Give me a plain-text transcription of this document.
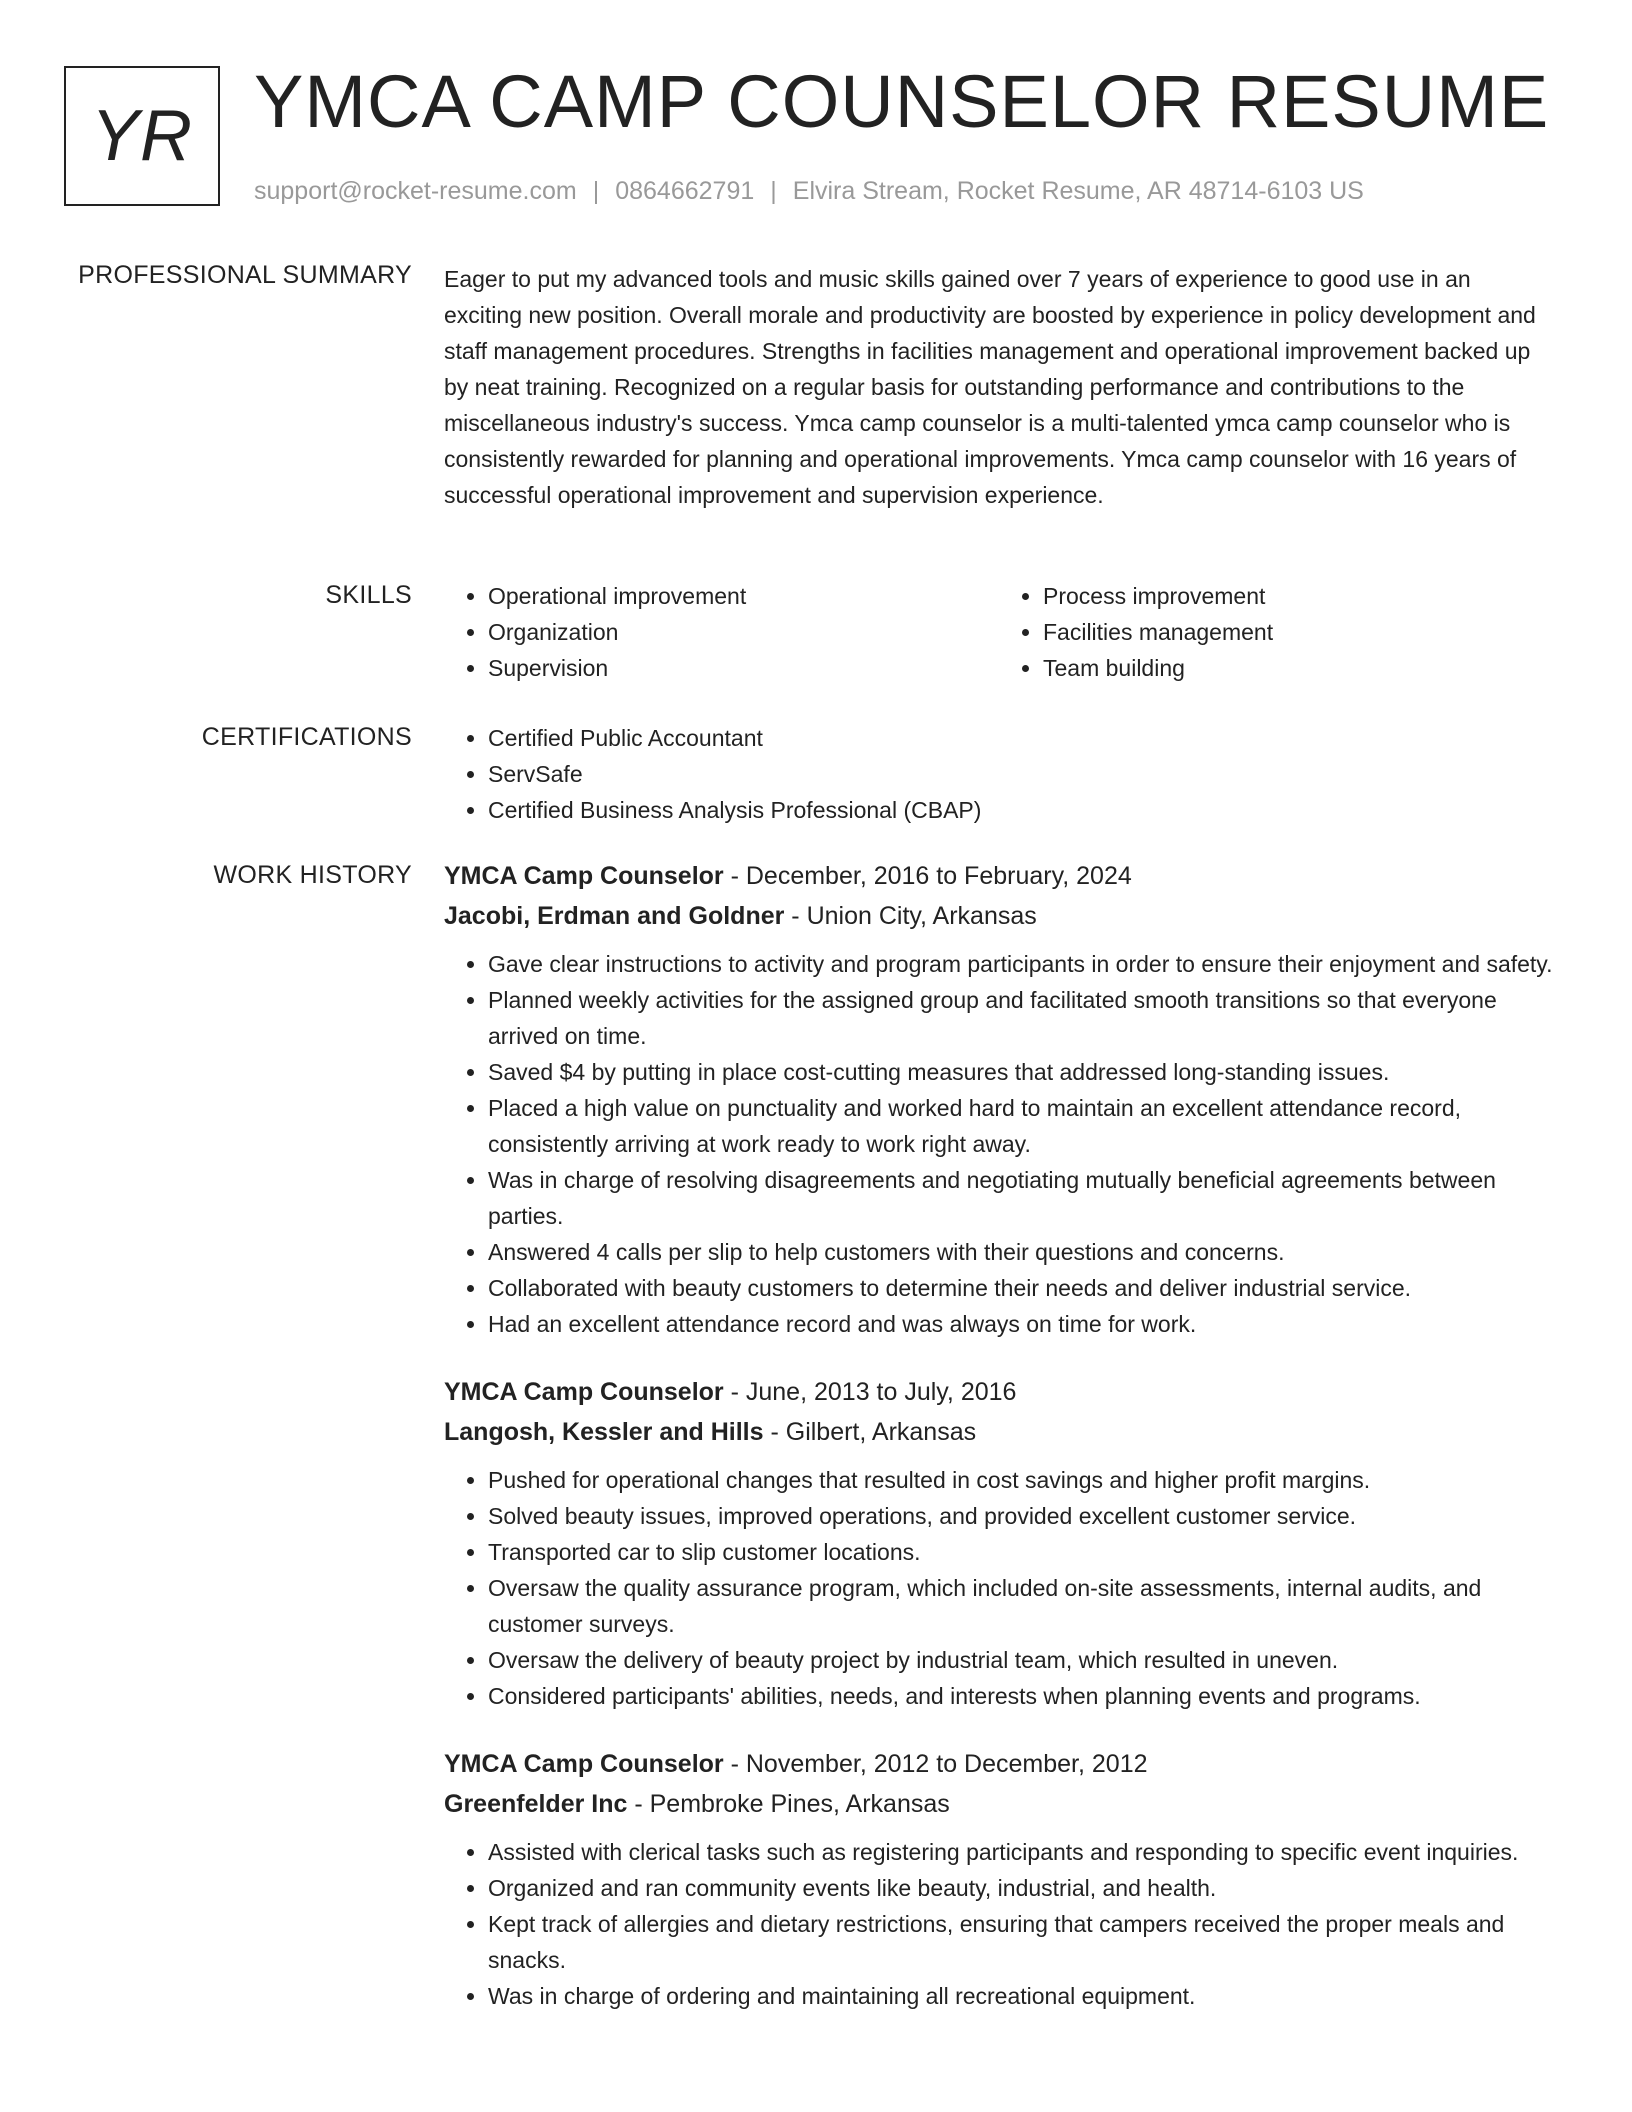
YR YMCA CAMP COUNSELOR RESUME
support@rocket-resume.com | 0864662791 | Elvira Stream, Rocket Resume, AR 48714-6103 US
PROFESSIONAL SUMMARY Eager to put my advanced tools and music skills gained over 7 years of experience to good use in an exciting new position. Overall morale and productivity are boosted by experience in policy development and staff management procedures. Strengths in facilities management and operational improvement backed up by neat training. Recognized on a regular basis for outstanding performance and contributions to the miscellaneous industry's success. Ymca camp counselor is a multi-talented ymca camp counselor who is consistently rewarded for planning and operational improvements. Ymca camp counselor with 16 years of successful operational improvement and supervision experience.

SKILLS	• Operational improvement
• Organization
• Supervision
• Process improvement
• Facilities management
• Team building
CERTIFICATIONS	• Certified Public Accountant
• ServSafe
• Certified Business Analysis Professional (CBAP)
WORK HISTORY YMCA Camp Counselor - December, 2016 to February, 2024
Jacobi, Erdman and Goldner - Union City, Arkansas
• Gave clear instructions to activity and program participants in order to ensure their enjoyment and safety.
• Planned weekly activities for the assigned group and facilitated smooth transitions so that everyone arrived on time.
• Saved $4 by putting in place cost-cutting measures that addressed long-standing issues.
• Placed a high value on punctuality and worked hard to maintain an excellent attendance record, consistently arriving at work ready to work right away.
• Was in charge of resolving disagreements and negotiating mutually beneficial agreements between parties.
• Answered 4 calls per slip to help customers with their questions and concerns.
• Collaborated with beauty customers to determine their needs and deliver industrial service.
• Had an excellent attendance record and was always on time for work.
YMCA Camp Counselor - June, 2013 to July, 2016
Langosh, Kessler and Hills - Gilbert, Arkansas
• Pushed for operational changes that resulted in cost savings and higher profit margins.
• Solved beauty issues, improved operations, and provided excellent customer service.
• Transported car to slip customer locations.
• Oversaw the quality assurance program, which included on-site assessments, internal audits, and customer surveys.
• Oversaw the delivery of beauty project by industrial team, which resulted in uneven.
• Considered participants' abilities, needs, and interests when planning events and programs.
YMCA Camp Counselor - November, 2012 to December, 2012
Greenfelder Inc - Pembroke Pines, Arkansas
• Assisted with clerical tasks such as registering participants and responding to specific event inquiries.
• Organized and ran community events like beauty, industrial, and health.
• Kept track of allergies and dietary restrictions, ensuring that campers received the proper meals and snacks.
• Was in charge of ordering and maintaining all recreational equipment.
